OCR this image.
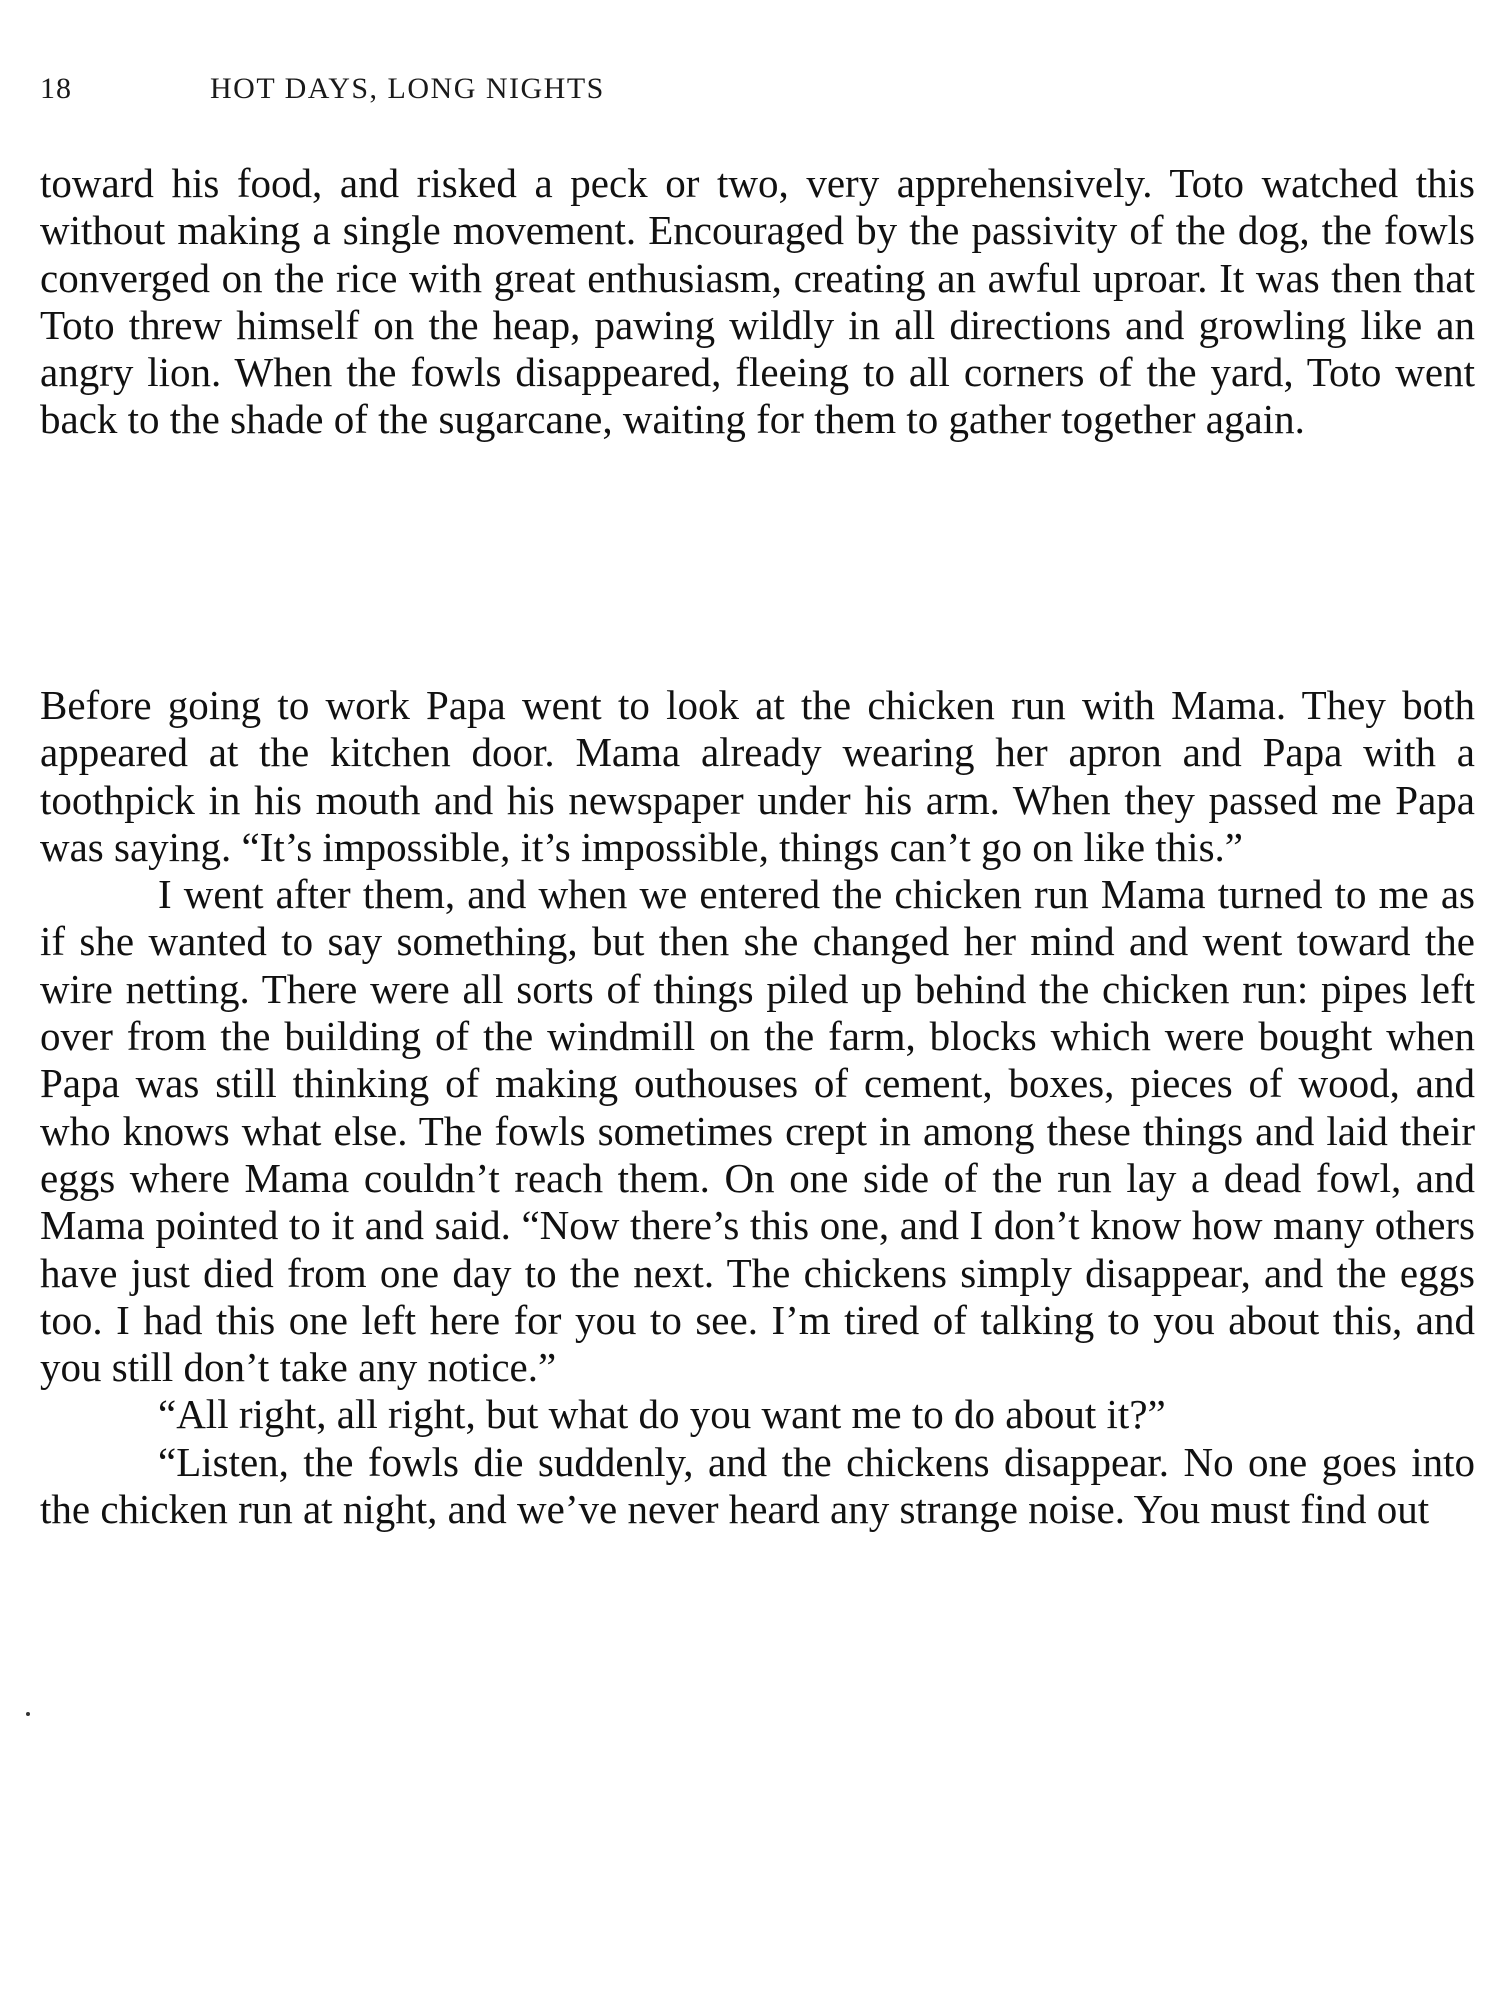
18	HOT DAYS, LONG NIGHTS

toward his food, and risked a peck or two, very apprehensively. Toto watched this without making a single movement. Encouraged by the passivity of the dog, the fowls converged on the rice with great enthusiasm, creating an awful uproar. It was then that Toto threw himself on the heap, pawing wildly in all directions and growling like an angry lion. When the fowls disappeared, fleeing to all corners of the yard, Toto went back to the shade of the sugarcane, waiting for them to gather together again.

Before going to work Papa went to look at the chicken run with Mama. They both appeared at the kitchen door. Mama already wearing her apron and Papa with a toothpick in his mouth and his newspaper under his arm. When they passed me Papa was saying. “It’s impossible, it’s impossible, things can’t go on like this.”

I went after them, and when we entered the chicken run Mama turned to me as if she wanted to say something, but then she changed her mind and went toward the wire netting. There were all sorts of things piled up behind the chicken run: pipes left over from the building of the windmill on the farm, blocks which were bought when Papa was still thinking of making outhouses of cement, boxes, pieces of wood, and who knows what else. The fowls sometimes crept in among these things and laid their eggs where Mama couldn’t reach them. On one side of the run lay a dead fowl, and Mama pointed to it and said. “Now there’s this one, and I don’t know how many others have just died from one day to the next. The chickens simply disappear, and the eggs too. I had this one left here for you to see. I’m tired of talking to you about this, and you still don’t take any notice.”

“All right, all right, but what do you want me to do about it?”

“Listen, the fowls die suddenly, and the chickens disappear. No one goes into the chicken run at night, and we’ve never heard any strange noise. You must find out
